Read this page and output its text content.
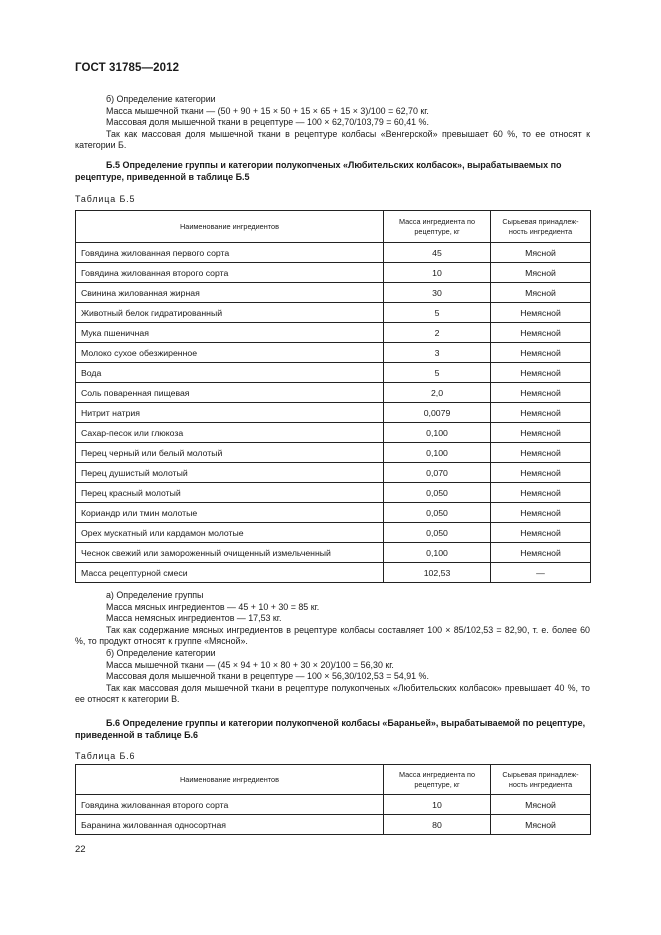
ГОСТ 31785—2012

б) Определение категории

Масса мышечной ткани — (50 + 90 + 15 × 50 + 15 × 65 + 15 × 3)/100 = 62,70 кг.

Массовая доля мышечной ткани в рецептуре — 100 × 62,70/103,79 = 60,41 %.

Так как массовая доля мышечной ткани в рецептуре колбасы «Венгерской» превышает 60 %, то ее относят к категории Б.

Б.5 Определение группы и категории полукопченых «Любительских колбасок», вырабатываемых по рецептуре, приведенной в таблице Б.5

Таблица Б.5
Наименование ингредиентов	Масса ингредиента по рецептуре, кг	Сырьевая принадлеж-ность ингредиента
Говядина жилованная первого сорта	45	Мясной
Говядина жилованная второго сорта	10	Мясной
Свинина жилованная жирная	30	Мясной
Животный белок гидратированный	5	Немясной
Мука пшеничная	2	Немясной
Молоко сухое обезжиренное	3	Немясной
Вода	5	Немясной
Соль поваренная пищевая	2,0	Немясной
Нитрит натрия	0,0079	Немясной
Сахар-песок или глюкоза	0,100	Немясной
Перец черный или белый молотый	0,100	Немясной
Перец душистый молотый	0,070	Немясной
Перец красный молотый	0,050	Немясной
Кориандр или тмин молотые	0,050	Немясной
Орех мускатный или кардамон молотые	0,050	Немясной
Чеснок свежий или замороженный очищенный измельченный	0,100	Немясной
Масса рецептурной смеси	102,53	—

а) Определение группы

Масса мясных ингредиентов — 45 + 10 + 30 = 85 кг.

Масса немясных ингредиентов — 17,53 кг.

Так как содержание мясных ингредиентов в рецептуре колбасы составляет 100 × 85/102,53 = 82,90, т. е. более 60 %, то продукт относят к группе «Мясной».

б) Определение категории

Масса мышечной ткани — (45 × 94 + 10 × 80 + 30 × 20)/100 = 56,30 кг.

Массовая доля мышечной ткани в рецептуре — 100 × 56,30/102,53 = 54,91 %.

Так как массовая доля мышечной ткани в рецептуре полукопченых «Любительских колбасок» превышает 40 %, то ее относят к категории В.

Б.6 Определение группы и категории полукопченой колбасы «Бараньей», вырабатываемой по рецептуре, приведенной в таблице Б.6

Таблица Б.6
Наименование ингредиентов	Масса ингредиента по рецептуре, кг	Сырьевая принадлеж-ность ингредиента
Говядина жилованная второго сорта	10	Мясной
Баранина жилованная односортная	80	Мясной
22
